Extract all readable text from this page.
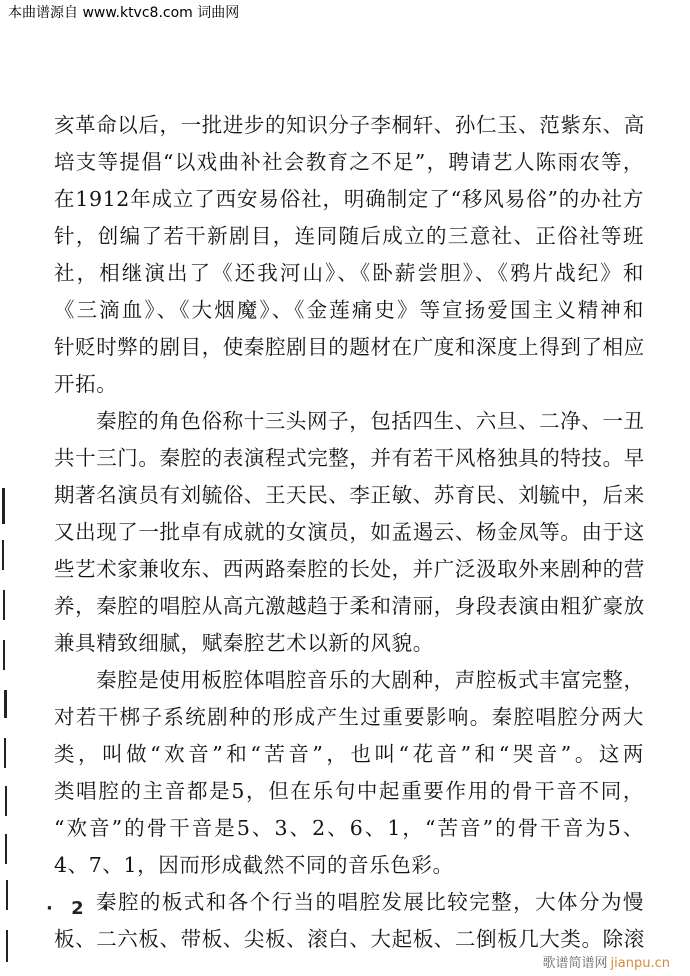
本曲谱源自 www.ktvc8.com 词曲网
亥革命以后，一批进步的知识分子李桐轩、孙仁玉、范紫东、高
培支等提倡“以戏曲补社会教育之不足”，聘请艺人陈雨农等，
在1912年成立了西安易俗社，明确制定了“移风易俗”的办社方
针，创编了若干新剧目，连同随后成立的三意社、正俗社等班
社，相继演出了《还我河山》、《卧薪尝胆》、《鸦片战纪》和
《三滴血》、《大烟魔》、《金莲痛史》等宣扬爱国主义精神和
针贬时弊的剧目，使秦腔剧目的题材在广度和深度上得到了相应
开拓。
秦腔的角色俗称十三头网子，包括四生、六旦、二净、一丑
共十三门。秦腔的表演程式完整，并有若干风格独具的特技。早
期著名演员有刘毓俗、王天民、李正敏、苏育民、刘毓中，后来
又出现了一批卓有成就的女演员，如孟遏云、杨金凤等。由于这
些艺术家兼收东、西两路秦腔的长处，并广泛汲取外来剧种的营
养，秦腔的唱腔从高亢激越趋于柔和清丽，身段表演由粗犷豪放
兼具精致细腻，赋秦腔艺术以新的风貌。
秦腔是使用板腔体唱腔音乐的大剧种，声腔板式丰富完整，
对若干梆子系统剧种的形成产生过重要影响。秦腔唱腔分两大
类，叫做“欢音”和“苦音”，也叫“花音”和“哭音”。这两
类唱腔的主音都是5，但在乐句中起重要作用的骨干音不同，
“欢音”的骨干音是5、3、2、6、1，“苦音”的骨干音为5、
4、7、1，因而形成截然不同的音乐色彩。
秦腔的板式和各个行当的唱腔发展比较完整，大体分为慢
板、二六板、带板、尖板、滚白、大起板、二倒板几大类。除滚
· 2 ·
歌谱简谱网 jianpu.cn
